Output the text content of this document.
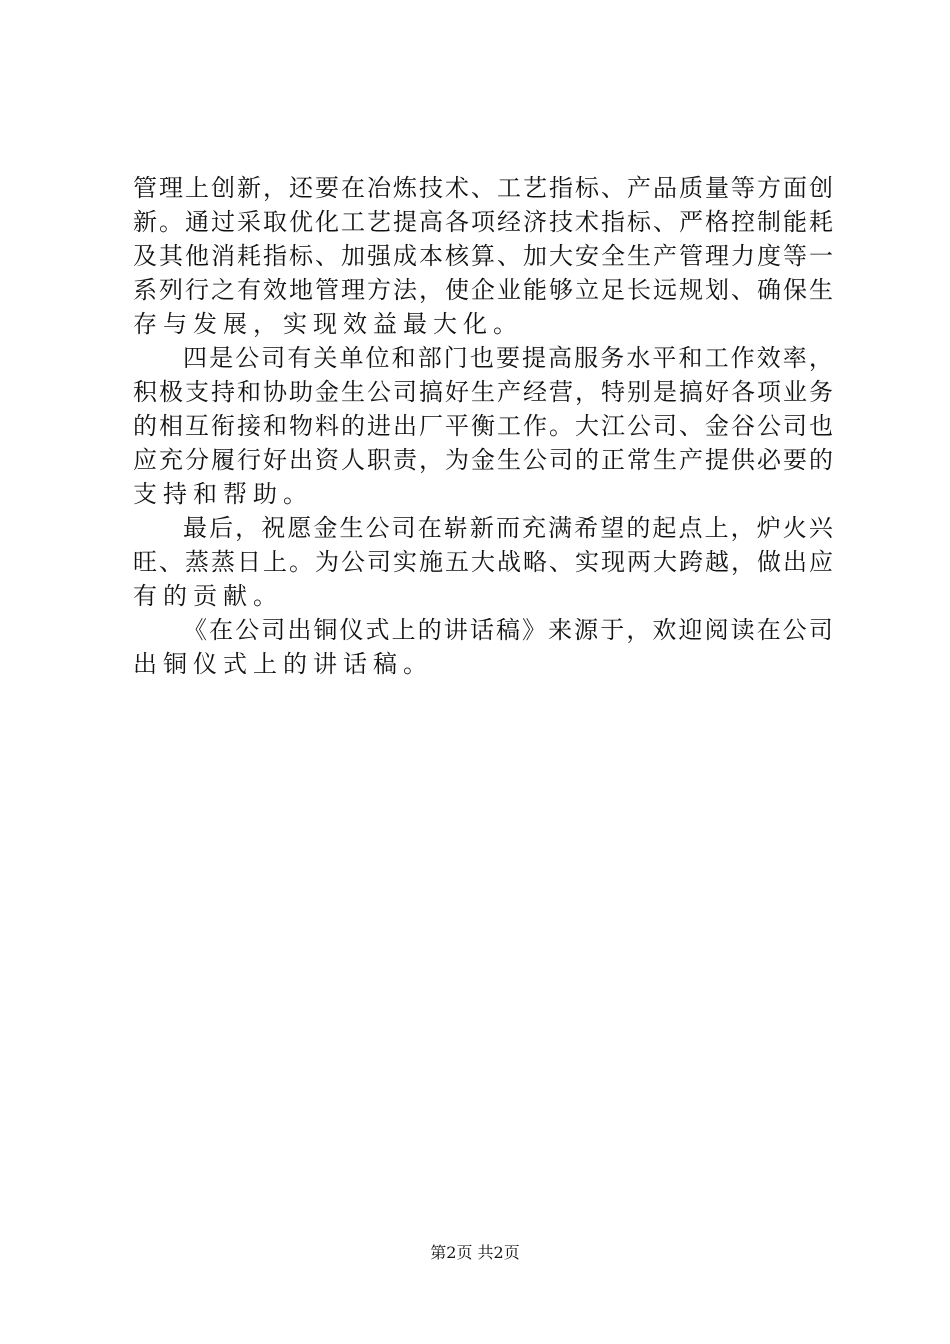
管 理 上 创 新 ， 还 要 在 冶 炼 技 术 、 工 艺 指 标 、 产 品 质 量 等 方 面 创
新 。 通 过 采 取 优 化 工 艺 提 高 各 项 经 济 技 术 指 标 、 严 格 控 制 能 耗
及 其 他 消 耗 指 标 、 加 强 成 本 核 算 、 加 大 安 全 生 产 管 理 力 度 等 一
系 列 行 之 有 效 地 管 理 方 法 ， 使 企 业 能 够 立 足 长 远 规 划 、 确 保 生
存与发展，实现效益最大化。
四 是 公 司 有 关 单 位 和 部 门 也 要 提 高 服 务 水 平 和 工 作 效 率 ，
积 极 支 持 和 协 助 金 生 公 司 搞 好 生 产 经 营 ， 特 别 是 搞 好 各 项 业 务
的 相 互 衔 接 和 物 料 的 进 出 厂 平 衡 工 作 。 大 江 公 司 、 金 谷 公 司 也
应 充 分 履 行 好 出 资 人 职 责 ， 为 金 生 公 司 的 正 常 生 产 提 供 必 要 的
支持和帮助。
最 后 ， 祝 愿 金 生 公 司 在 崭 新 而 充 满 希 望 的 起 点 上 ， 炉 火 兴
旺 、 蒸 蒸 日 上 。 为 公 司 实 施 五 大 战 略 、 实 现 两 大 跨 越 ， 做 出 应
有的贡献。
《 在 公 司 出 铜 仪 式 上 的 讲 话 稿 》 来 源 于 ， 欢 迎 阅 读 在 公 司
出铜仪式上的讲话稿。
第2页 共2页
